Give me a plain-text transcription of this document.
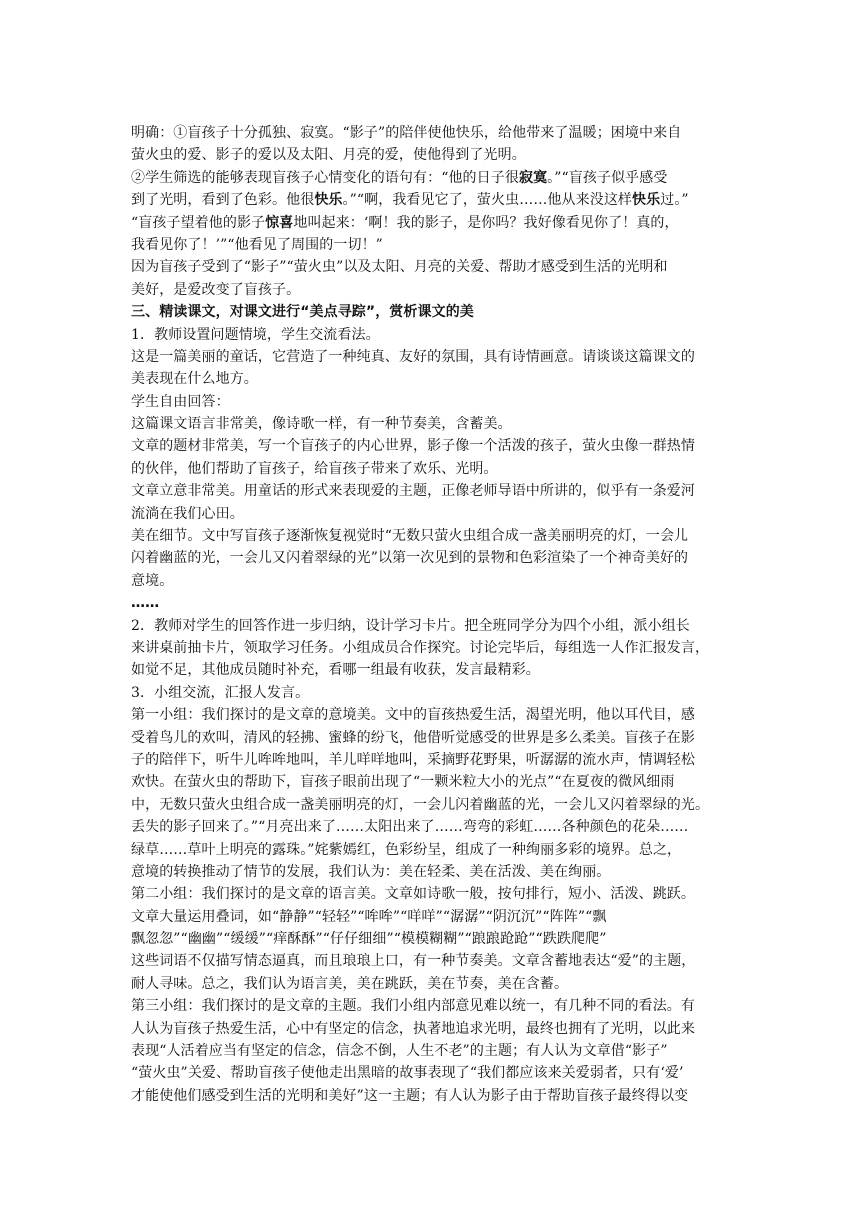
明确：①盲孩子十分孤独、寂寞。“影子”的陪伴使他快乐，给他带来了温暖；困境中来自
萤火虫的爱、影子的爱以及太阳、月亮的爱，使他得到了光明。
②学生筛选的能够表现盲孩子心情变化的语句有：“他的日子很寂寞。”“盲孩子似乎感受
到了光明，看到了色彩。他很快乐。”“啊，我看见它了，萤火虫……他从来没这样快乐过。”
“盲孩子望着他的影子惊喜地叫起来：‘啊！我的影子，是你吗？我好像看见你了！真的，
我看见你了！’”“他看见了周围的一切！”
因为盲孩子受到了“影子”“萤火虫”以及太阳、月亮的关爱、帮助才感受到生活的光明和
美好，是爱改变了盲孩子。
三、精读课文，对课文进行“美点寻踪”，赏析课文的美
1．教师设置问题情境，学生交流看法。
这是一篇美丽的童话，它营造了一种纯真、友好的氛围，具有诗情画意。请谈谈这篇课文的
美表现在什么地方。
学生自由回答：
这篇课文语言非常美，像诗歌一样，有一种节奏美，含蓄美。
文章的题材非常美，写一个盲孩子的内心世界，影子像一个活泼的孩子，萤火虫像一群热情
的伙伴，他们帮助了盲孩子，给盲孩子带来了欢乐、光明。
文章立意非常美。用童话的形式来表现爱的主题，正像老师导语中所讲的，似乎有一条爱河
流淌在我们心田。
美在细节。文中写盲孩子逐渐恢复视觉时“无数只萤火虫组合成一盏美丽明亮的灯，一会儿
闪着幽蓝的光，一会儿又闪着翠绿的光”以第一次见到的景物和色彩渲染了一个神奇美好的
意境。
……
2．教师对学生的回答作进一步归纳，设计学习卡片。把全班同学分为四个小组，派小组长
来讲桌前抽卡片，领取学习任务。小组成员合作探究。讨论完毕后，每组选一人作汇报发言，
如觉不足，其他成员随时补充，看哪一组最有收获，发言最精彩。
3．小组交流，汇报人发言。
第一小组：我们探讨的是文章的意境美。文中的盲孩热爱生活，渴望光明，他以耳代目，感
受着鸟儿的欢叫，清风的轻拂、蜜蜂的纷飞，他借听觉感受的世界是多么柔美。盲孩子在影
子的陪伴下，听牛儿哞哞地叫，羊儿咩咩地叫，采摘野花野果，听潺潺的流水声，情调轻松
欢快。在萤火虫的帮助下，盲孩子眼前出现了“一颗米粒大小的光点”“在夏夜的微风细雨
中，无数只萤火虫组合成一盏美丽明亮的灯，一会儿闪着幽蓝的光，一会儿又闪着翠绿的光。
丢失的影子回来了。”“月亮出来了……太阳出来了……弯弯的彩虹……各种颜色的花朵……
绿草……草叶上明亮的露珠。”姹紫嫣红，色彩纷呈，组成了一种绚丽多彩的境界。总之，
意境的转换推动了情节的发展，我们认为：美在轻柔、美在活泼、美在绚丽。
第二小组：我们探讨的是文章的语言美。文章如诗歌一般，按句排行，短小、活泼、跳跃。
文章大量运用叠词，如“静静”“轻轻”“哞哞”“咩咩”“潺潺”“阴沉沉”“阵阵”“飘
飘忽忽”“幽幽”“缓缓”“痒酥酥”“仔仔细细”“模模糊糊”“踉踉跄跄”“跌跌爬爬”
这些词语不仅描写情态逼真，而且琅琅上口，有一种节奏美。文章含蓄地表达“爱”的主题，
耐人寻味。总之，我们认为语言美，美在跳跃，美在节奏，美在含蓄。
第三小组：我们探讨的是文章的主题。我们小组内部意见难以统一，有几种不同的看法。有
人认为盲孩子热爱生活，心中有坚定的信念，执著地追求光明，最终也拥有了光明，以此来
表现“人活着应当有坚定的信念，信念不倒，人生不老”的主题；有人认为文章借“影子”
“萤火虫”关爱、帮助盲孩子使他走出黑暗的故事表现了“我们都应该来关爱弱者，只有‘爱’
才能使他们感受到生活的光明和美好”这一主题；有人认为影子由于帮助盲孩子最终得以变
